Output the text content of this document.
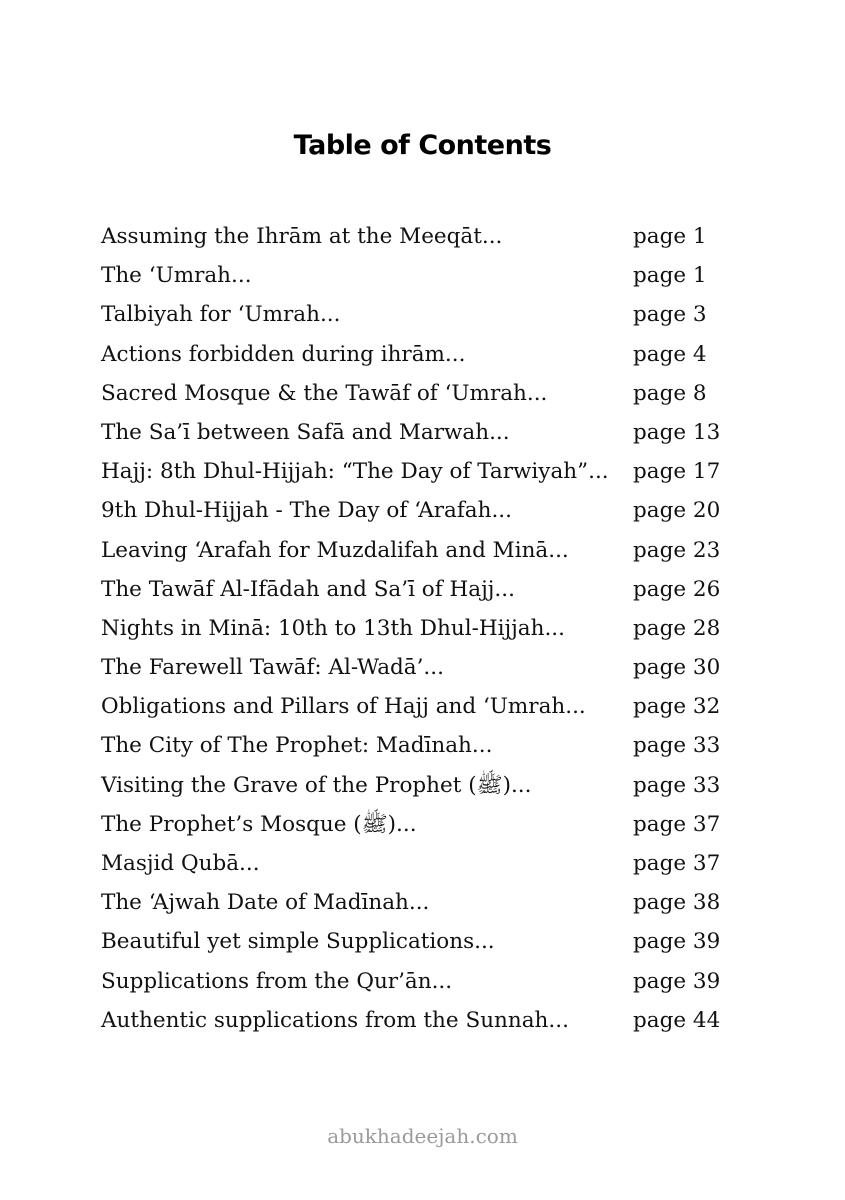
Table of Contents
Assuming the Ihrām at the Meeqāt...	page 1
The ‘Umrah...	page 1
Talbiyah for ‘Umrah...	page 3
Actions forbidden during ihrām...	page 4
Sacred Mosque & the Tawāf of ‘Umrah...	page 8
The Sa’ī between Safā and Marwah...	page 13
Hajj: 8th Dhul-Hijjah: “The Day of Tarwiyah”... page 17
9th Dhul-Hijjah - The Day of ‘Arafah...	page 20
Leaving ‘Arafah for Muzdalifah and Minā...	page 23
The Tawāf Al-Ifādah and Sa’ī of Hajj...	page 26
Nights in Minā: 10th to 13th Dhul-Hijjah...	page 28
The Farewell Tawāf: Al-Wadā’...	page 30
Obligations and Pillars of Hajj and ‘Umrah... page 32
The City of The Prophet: Madīnah...	page 33
Visiting the Grave of the Prophet (ﷺ)...	page 33
The Prophet’s Mosque (ﷺ)...	page 37
Masjid Qubā...	page 37
The ‘Ajwah Date of Madīnah...	page 38
Beautiful yet simple Supplications...	page 39
Supplications from the Qur’ān...	page 39
Authentic supplications from the Sunnah...	page 44
abukhadeejah.com
